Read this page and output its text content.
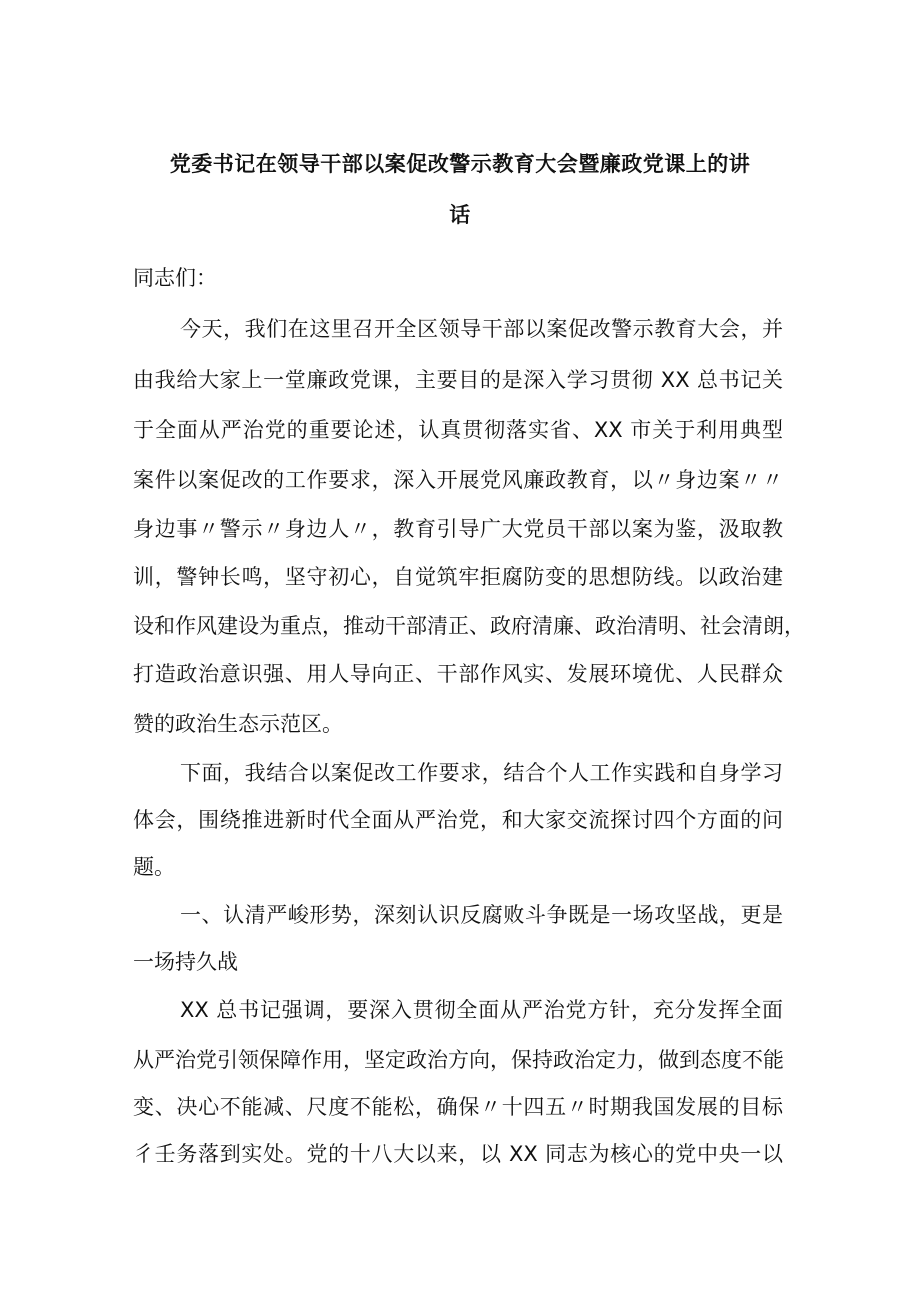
党委书记在领导干部以案促改警示教育大会暨廉政党课上的讲
话
同志们：
今天，我们在这里召开全区领导干部以案促改警示教育大会，并
由我给大家上一堂廉政党课，主要目的是深入学习贯彻 XX 总书记关
于全面从严治党的重要论述，认真贯彻落实省、XX 市关于利用典型
案件以案促改的工作要求，深入开展党风廉政教育，以〃身边案〃〃
身边事〃警示〃身边人〃，教育引导广大党员干部以案为鉴，汲取教
训，警钟长鸣，坚守初心，自觉筑牢拒腐防变的思想防线。以政治建
设和作风建设为重点，推动干部清正、政府清廉、政治清明、社会清朗，
打造政治意识强、用人导向正、干部作风实、发展环境优、人民群众
赞的政治生态示范区。
下面，我结合以案促改工作要求，结合个人工作实践和自身学习
体会，围绕推进新时代全面从严治党，和大家交流探讨四个方面的问
题。
一、认清严峻形势，深刻认识反腐败斗争既是一场攻坚战，更是
一场持久战
XX 总书记强调，要深入贯彻全面从严治党方针，充分发挥全面
从严治党引领保障作用，坚定政治方向，保持政治定力，做到态度不能
变、决心不能减、尺度不能松，确保〃十四五〃时期我国发展的目标
彳壬务落到实处。党的十八大以来，以 XX 同志为核心的党中央一以
